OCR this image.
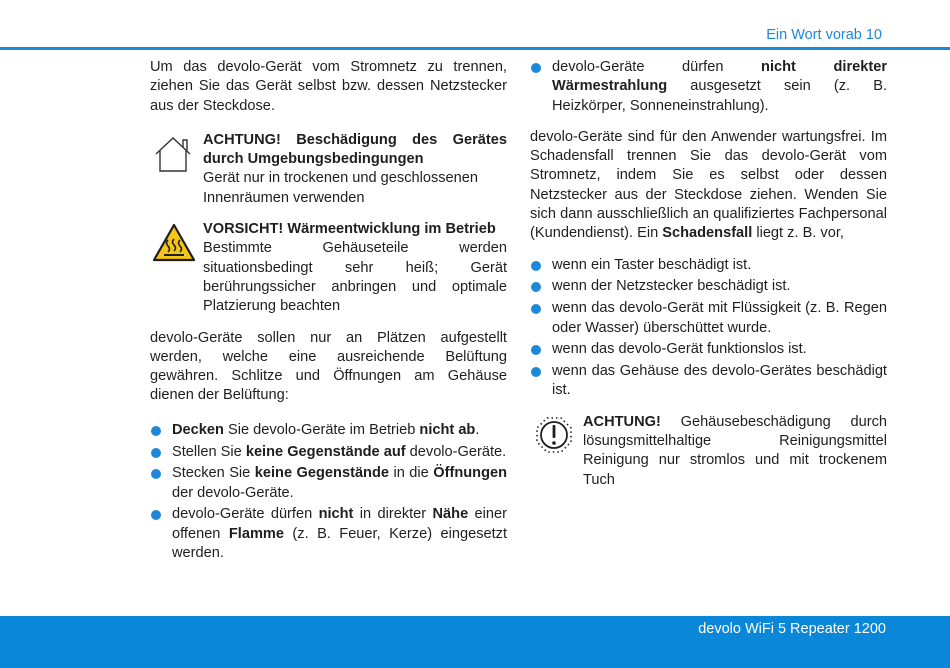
Ein Wort vorab 10

Um das devolo-Gerät vom Stromnetz zu trennen, ziehen Sie das Gerät selbst bzw. dessen Netzstecker aus der Steckdose.

ACHTUNG! Beschädigung des Gerätes durch Umgebungsbedingungen

Gerät nur in trockenen und geschlossenen Innenräumen verwenden

VORSICHT! Wärmeentwicklung im Betrieb

Bestimmte Gehäuseteile werden situationsbedingt sehr heiß; Gerät berührungssicher anbringen und optimale Platzierung beachten

devolo-Geräte sollen nur an Plätzen aufgestellt werden, welche eine ausreichende Belüftung gewähren. Schlitze und Öffnungen am Gehäuse dienen der Belüftung:

Decken Sie devolo-Geräte im Betrieb nicht ab.
Stellen Sie keine Gegenstände auf devolo-Geräte.
Stecken Sie keine Gegenstände in die Öffnungen der devolo-Geräte.
devolo-Geräte dürfen nicht in direkter Nähe einer offenen Flamme (z. B. Feuer, Kerze) eingesetzt werden.
devolo-Geräte dürfen nicht direkter Wärmestrahlung ausgesetzt sein (z. B. Heizkörper, Sonneneinstrahlung).

devolo-Geräte sind für den Anwender wartungsfrei. Im Schadensfall trennen Sie das devolo-Gerät vom Stromnetz, indem Sie es selbst oder dessen Netzstecker aus der Steckdose ziehen. Wenden Sie sich dann ausschließlich an qualifiziertes Fachpersonal (Kundendienst). Ein Schadensfall liegt z. B. vor,

wenn ein Taster beschädigt ist.
wenn der Netzstecker beschädigt ist.
wenn das devolo-Gerät mit Flüssigkeit (z. B. Regen oder Wasser) überschüttet wurde.
wenn das devolo-Gerät funktionslos ist.
wenn das Gehäuse des devolo-Gerätes beschädigt ist.

ACHTUNG! Gehäusebeschädigung durch lösungsmittelhaltige Reinigungsmittel Reinigung nur stromlos und mit trockenem Tuch

devolo WiFi 5 Repeater 1200
